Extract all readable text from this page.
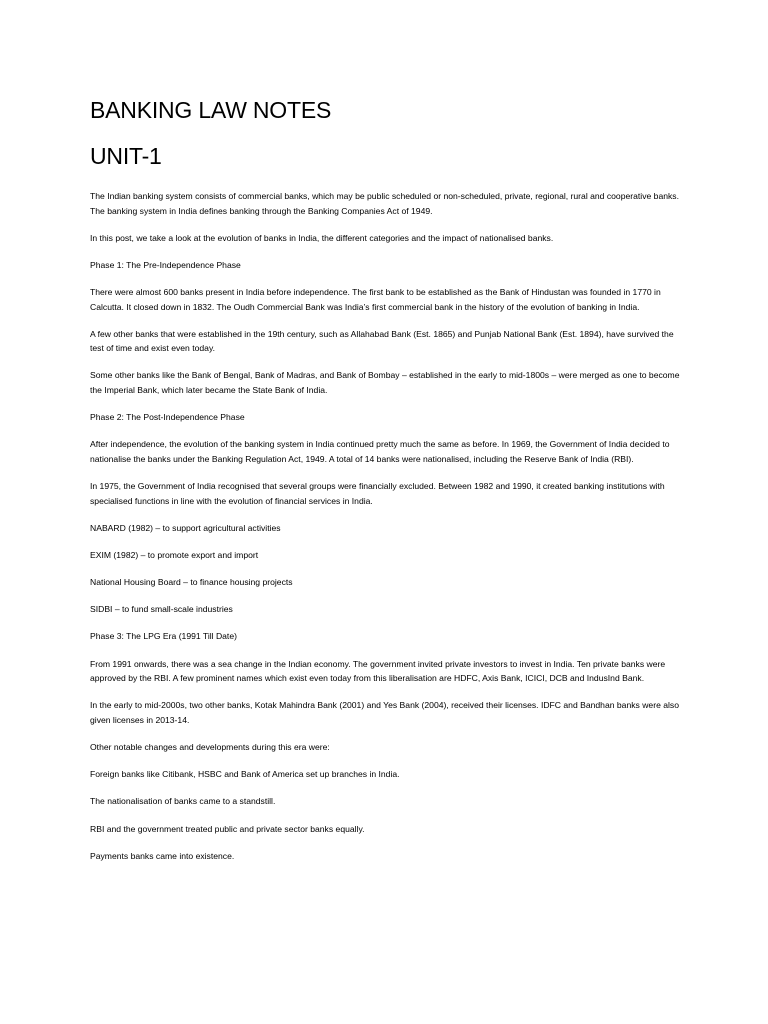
BANKING LAW NOTES
UNIT-1

The Indian banking system consists of commercial banks, which may be public scheduled or non-scheduled, private, regional, rural and cooperative banks. The banking system in India defines banking through the Banking Companies Act of 1949.

In this post, we take a look at the evolution of banks in India, the different categories and the impact of nationalised banks.

Phase 1: The Pre-Independence Phase

There were almost 600 banks present in India before independence. The first bank to be established as the Bank of Hindustan was founded in 1770 in Calcutta. It closed down in 1832. The Oudh Commercial Bank was India’s first commercial bank in the history of the evolution of banking in India.

A few other banks that were established in the 19th century, such as Allahabad Bank (Est. 1865) and Punjab National Bank (Est. 1894), have survived the test of time and exist even today.

Some other banks like the Bank of Bengal, Bank of Madras, and Bank of Bombay – established in the early to mid-1800s – were merged as one to become the Imperial Bank, which later became the State Bank of India.

Phase 2: The Post-Independence Phase

After independence, the evolution of the banking system in India continued pretty much the same as before. In 1969, the Government of India decided to nationalise the banks under the Banking Regulation Act, 1949. A total of 14 banks were nationalised, including the Reserve Bank of India (RBI).

In 1975, the Government of India recognised that several groups were financially excluded. Between 1982 and 1990, it created banking institutions with specialised functions in line with the evolution of financial services in India.

NABARD (1982) – to support agricultural activities

EXIM (1982) – to promote export and import

National Housing Board – to finance housing projects

SIDBI – to fund small-scale industries

Phase 3: The LPG Era (1991 Till Date)

From 1991 onwards, there was a sea change in the Indian economy. The government invited private investors to invest in India. Ten private banks were approved by the RBI. A few prominent names which exist even today from this liberalisation are HDFC, Axis Bank, ICICI, DCB and IndusInd Bank.

In the early to mid-2000s, two other banks, Kotak Mahindra Bank (2001) and Yes Bank (2004), received their licenses. IDFC and Bandhan banks were also given licenses in 2013-14.

Other notable changes and developments during this era were:

Foreign banks like Citibank, HSBC and Bank of America set up branches in India.

The nationalisation of banks came to a standstill.

RBI and the government treated public and private sector banks equally.

Payments banks came into existence.
